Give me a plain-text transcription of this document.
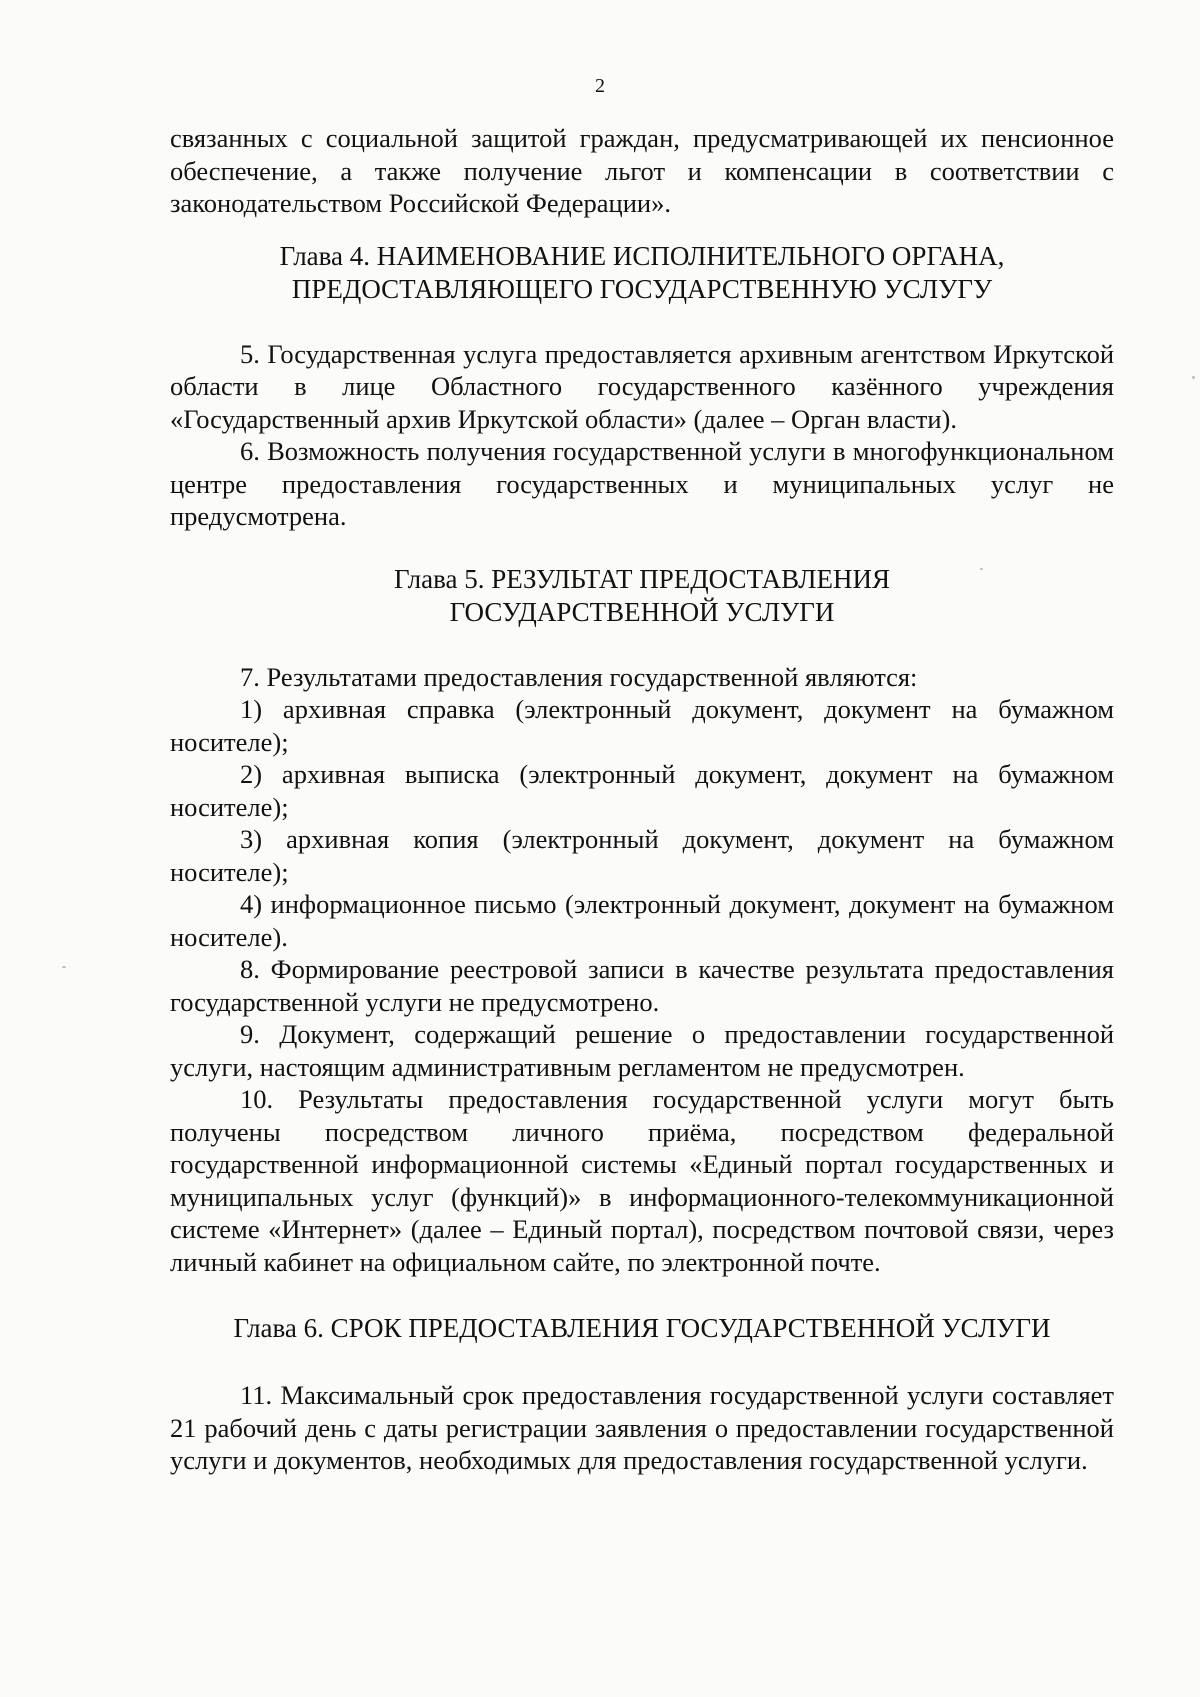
2

связанных с социальной защитой граждан, предусматривающей их пенсионное обеспечение, а также получение льгот и компенсации в соответствии с законодательством Российской Федерации».

Глава 4. НАИМЕНОВАНИЕ ИСПОЛНИТЕЛЬНОГО ОРГАНА,
ПРЕДОСТАВЛЯЮЩЕГО ГОСУДАРСТВЕННУЮ УСЛУГУ

5. Государственная услуга предоставляется архивным агентством Иркутской области в лице Областного государственного казённого учреждения «Государственный архив Иркутской области» (далее – Орган власти).

6. Возможность получения государственной услуги в многофункциональном центре предоставления государственных и муниципальных услуг не предусмотрена.

Глава 5. РЕЗУЛЬТАТ ПРЕДОСТАВЛЕНИЯ
ГОСУДАРСТВЕННОЙ УСЛУГИ

7. Результатами предоставления государственной являются:

1) архивная справка (электронный документ, документ на бумажном носителе);

2) архивная выписка (электронный документ, документ на бумажном носителе);

3) архивная копия (электронный документ, документ на бумажном носителе);

4) информационное письмо (электронный документ, документ на бумажном носителе).

8. Формирование реестровой записи в качестве результата предоставления государственной услуги не предусмотрено.

9. Документ, содержащий решение о предоставлении государственной услуги, настоящим административным регламентом не предусмотрен.

10. Результаты предоставления государственной услуги могут быть получены посредством личного приёма, посредством федеральной государственной информационной системы «Единый портал государственных и муниципальных услуг (функций)» в информационного-телекоммуникационной системе «Интернет» (далее – Единый портал), посредством почтовой связи, через личный кабинет на официальном сайте, по электронной почте.

Глава 6. СРОК ПРЕДОСТАВЛЕНИЯ ГОСУДАРСТВЕННОЙ УСЛУГИ

11. Максимальный срок предоставления государственной услуги составляет 21 рабочий день с даты регистрации заявления о предоставлении государственной услуги и документов, необходимых для предоставления государственной услуги.
